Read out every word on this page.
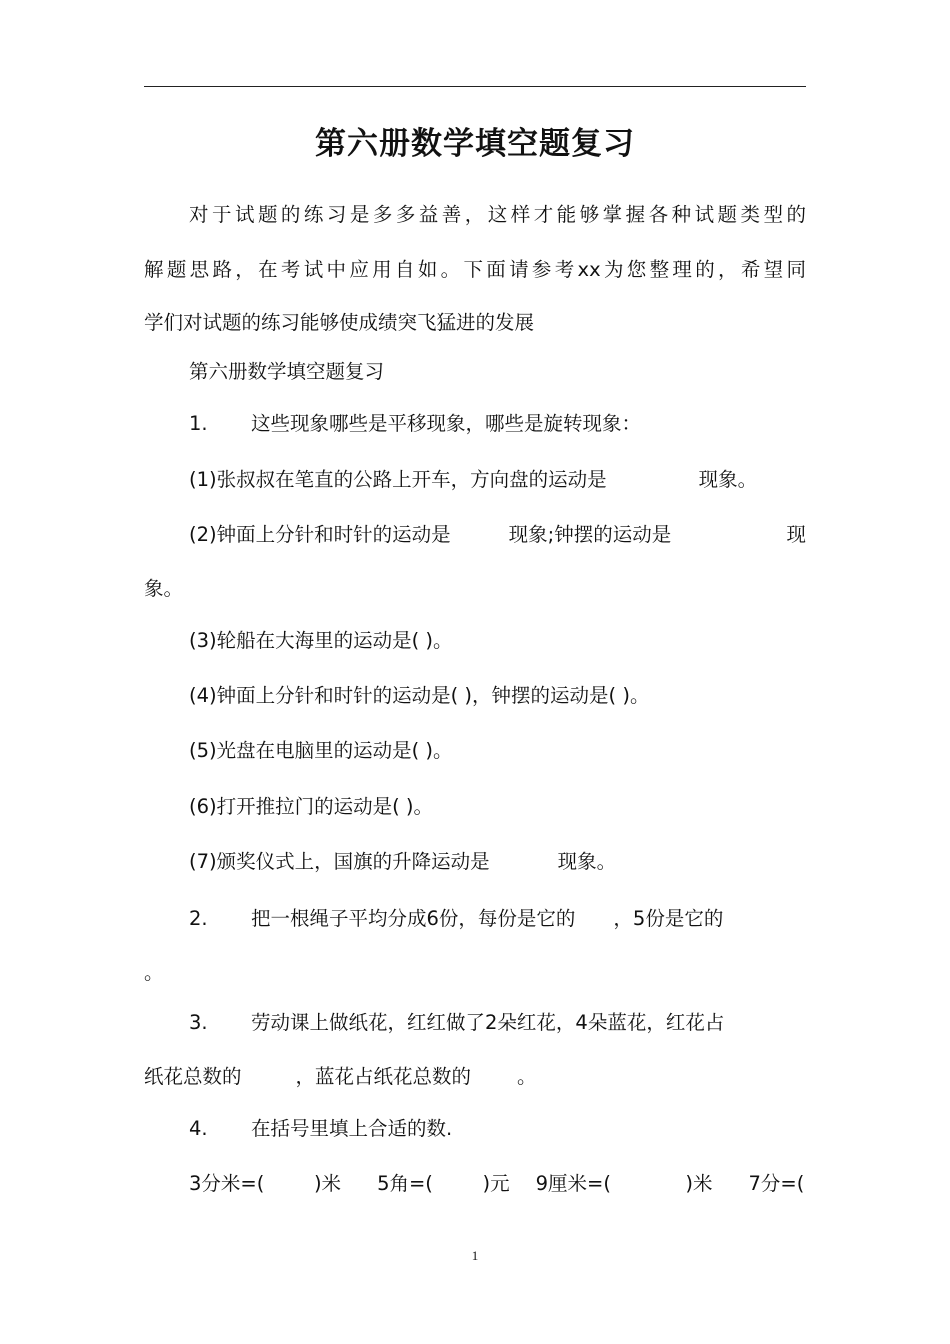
第六册数学填空题复习
对于试题的练习是多多益善，这样才能够掌握各种试题类型的
解题思路，在考试中应用自如。下面请参考xx为您整理的，希望同
学们对试题的练习能够使成绩突飞猛进的发展
第六册数学填空题复习
1. 这些现象哪些是平移现象，哪些是旋转现象：
(1)张叔叔在笔直的公路上开车，方向盘的运动是	现象。
(2)钟面上分针和时针的运动是	现象;钟摆的运动是	现
象。
(3)轮船在大海里的运动是( )。
(4)钟面上分针和时针的运动是( )，钟摆的运动是( )。
(5)光盘在电脑里的运动是( )。
(6)打开推拉门的运动是( )。
(7)颁奖仪式上，国旗的升降运动是	现象。
2. 把一根绳子平均分成6份，每份是它的 ，5份是它的
。
3. 劳动课上做纸花，红红做了2朵红花，4朵蓝花，红花占
纸花总数的	，蓝花占纸花总数的 。
4. 在括号里填上合适的数.
3分米=(        )米 5角=(        )元 9厘米=(            )米 7分=(
1
